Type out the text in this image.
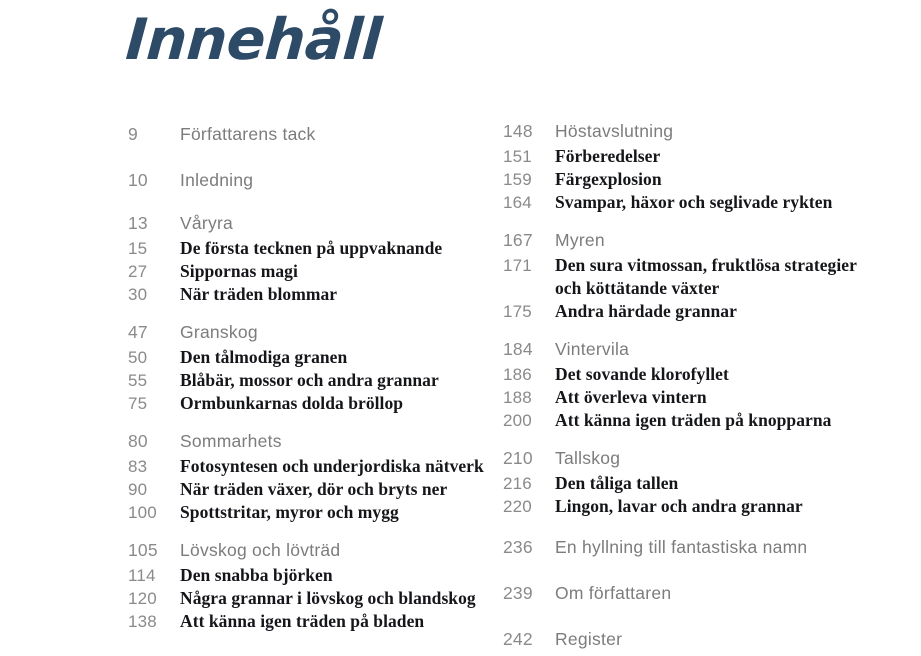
Innehåll
9	Författarens tack
10	Inledning
13	Våryra
15	De första tecknen på uppvaknande
27	Sippornas magi
30	När träden blommar
47	Granskog
50	Den tålmodiga granen
55	Blåbär, mossor och andra grannar
75	Ormbunkarnas dolda bröllop
80	Sommarhets
83	Fotosyntesen och underjordiska nätverk
90	När träden växer, dör och bryts ner
100	Spottstritar, myror och mygg
105	Lövskog och lövträd
114	Den snabba björken
120	Några grannar i lövskog och blandskog
138	Att känna igen träden på bladen
148	Höstavslutning
151	Förberedelser
159	Färgexplosion
164	Svampar, häxor och seglivade rykten
167	Myren
171	Den sura vitmossan, fruktlösa strategier och köttätande växter
175	Andra härdade grannar
184	Vintervila
186	Det sovande klorofyllet
188	Att överleva vintern
200	Att känna igen träden på knopparna
210	Tallskog
216	Den tåliga tallen
220	Lingon, lavar och andra grannar
236	En hyllning till fantastiska namn
239	Om författaren
242	Register
